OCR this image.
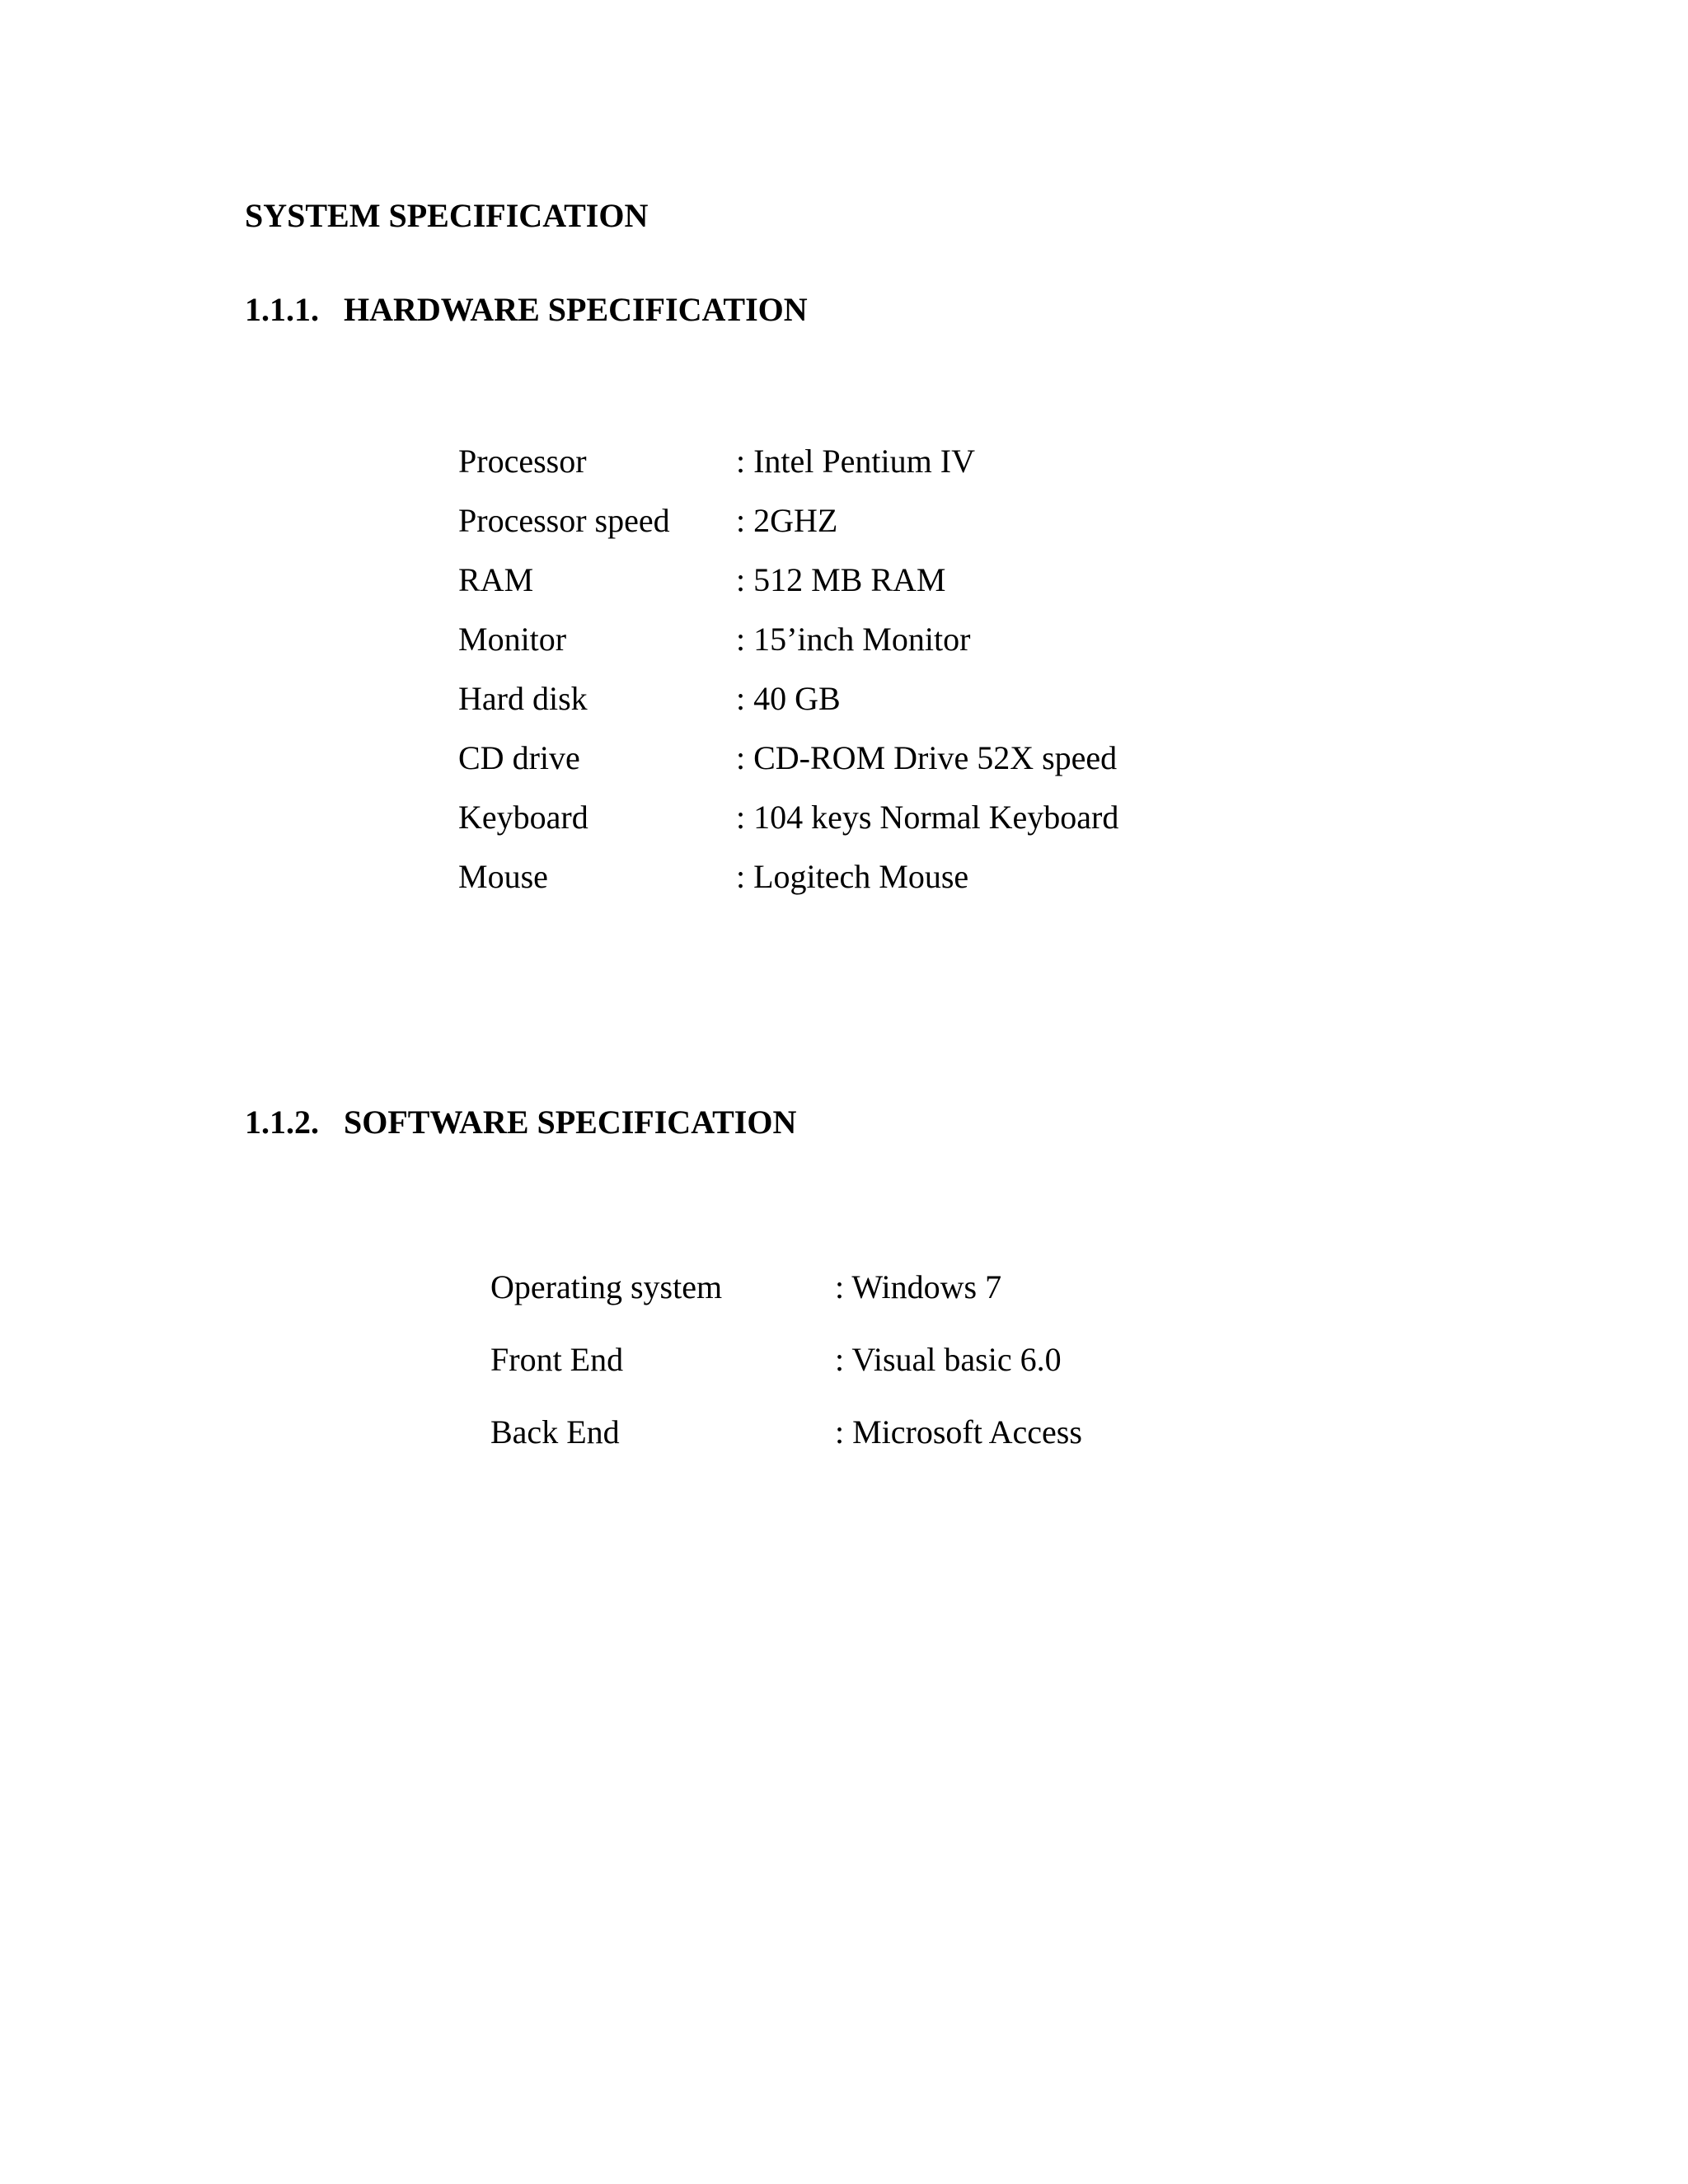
SYSTEM SPECIFICATION
1.1.1. HARDWARE SPECIFICATION
Processor	: Intel Pentium IV
Processor speed : 2GHZ
RAM	: 512 MB RAM
Monitor	: 15’inch Monitor
Hard disk	: 40 GB
CD drive	: CD-ROM Drive 52X speed
Keyboard	: 104 keys Normal Keyboard
Mouse	: Logitech Mouse
1.1.2. SOFTWARE SPECIFICATION
Operating system	: Windows 7
Front End	: Visual basic 6.0
Back End	: Microsoft Access
